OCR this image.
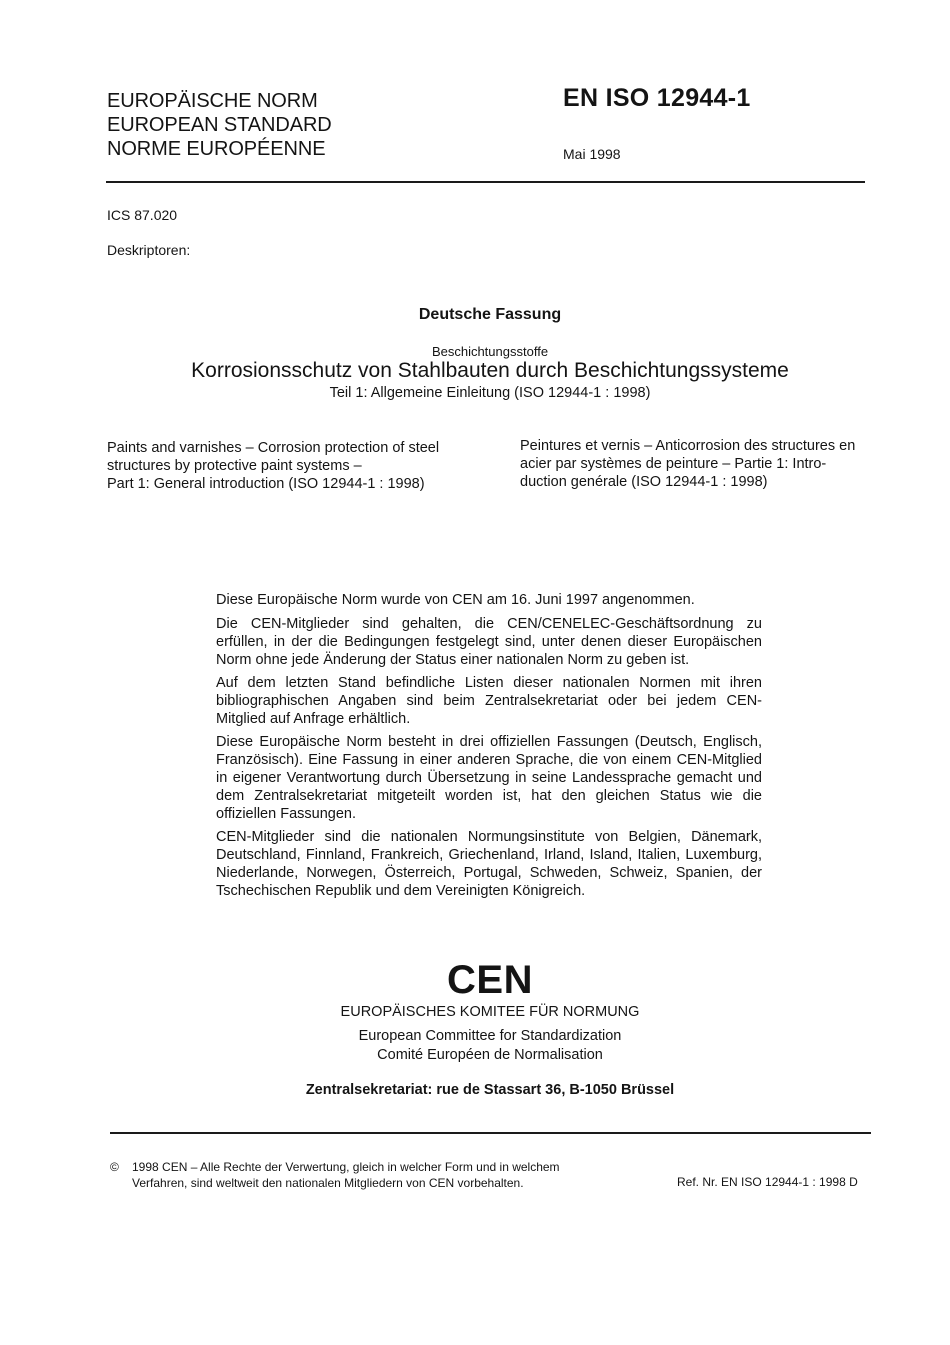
EUROPÄISCHE NORM
EUROPEAN STANDARD
NORME EUROPÉENNE
EN ISO 12944-1
Mai 1998
ICS 87.020
Deskriptoren:
Deutsche Fassung
Beschichtungsstoffe
Korrosionsschutz von Stahlbauten durch Beschichtungssysteme
Teil 1: Allgemeine Einleitung (ISO 12944-1 : 1998)
Paints and varnishes – Corrosion protection of steel
structures by protective paint systems –
Part 1: General introduction (ISO 12944-1 : 1998)
Peintures et vernis – Anticorrosion des structures en
acier par systèmes de peinture – Partie 1: Intro-
duction genérale (ISO 12944-1 : 1998)

Diese Europäische Norm wurde von CEN am 16. Juni 1997 angenommen.

Die CEN-Mitglieder sind gehalten, die CEN/CENELEC-Geschäftsordnung zu erfüllen, in der die Bedingungen festgelegt sind, unter denen dieser Europäischen Norm ohne jede Änderung der Status einer nationalen Norm zu geben ist.

Auf dem letzten Stand befindliche Listen dieser nationalen Normen mit ihren bibliographischen Angaben sind beim Zentralsekretariat oder bei jedem CEN-Mitglied auf Anfrage erhältlich.

Diese Europäische Norm besteht in drei offiziellen Fassungen (Deutsch, Englisch, Französisch). Eine Fassung in einer anderen Sprache, die von einem CEN-Mitglied in eigener Verantwortung durch Übersetzung in seine Landessprache gemacht und dem Zentralsekretariat mitgeteilt worden ist, hat den gleichen Status wie die offiziellen Fassungen.

CEN-Mitglieder sind die nationalen Normungsinstitute von Belgien, Dänemark, Deutschland, Finnland, Frankreich, Griechenland, Irland, Island, Italien, Luxemburg, Niederlande, Norwegen, Österreich, Portugal, Schweden, Schweiz, Spanien, der Tschechischen Republik und dem Vereinigten Königreich.

CEN
EUROPÄISCHES KOMITEE FÜR NORMUNG
European Committee for Standardization
Comité Européen de Normalisation
Zentralsekretariat: rue de Stassart 36, B-1050 Brüssel
© 1998 CEN – Alle Rechte der Verwertung, gleich in welcher Form und in welchem
Verfahren, sind weltweit den nationalen Mitgliedern von CEN vorbehalten.	Ref. Nr. EN ISO 12944-1 : 1998 D
